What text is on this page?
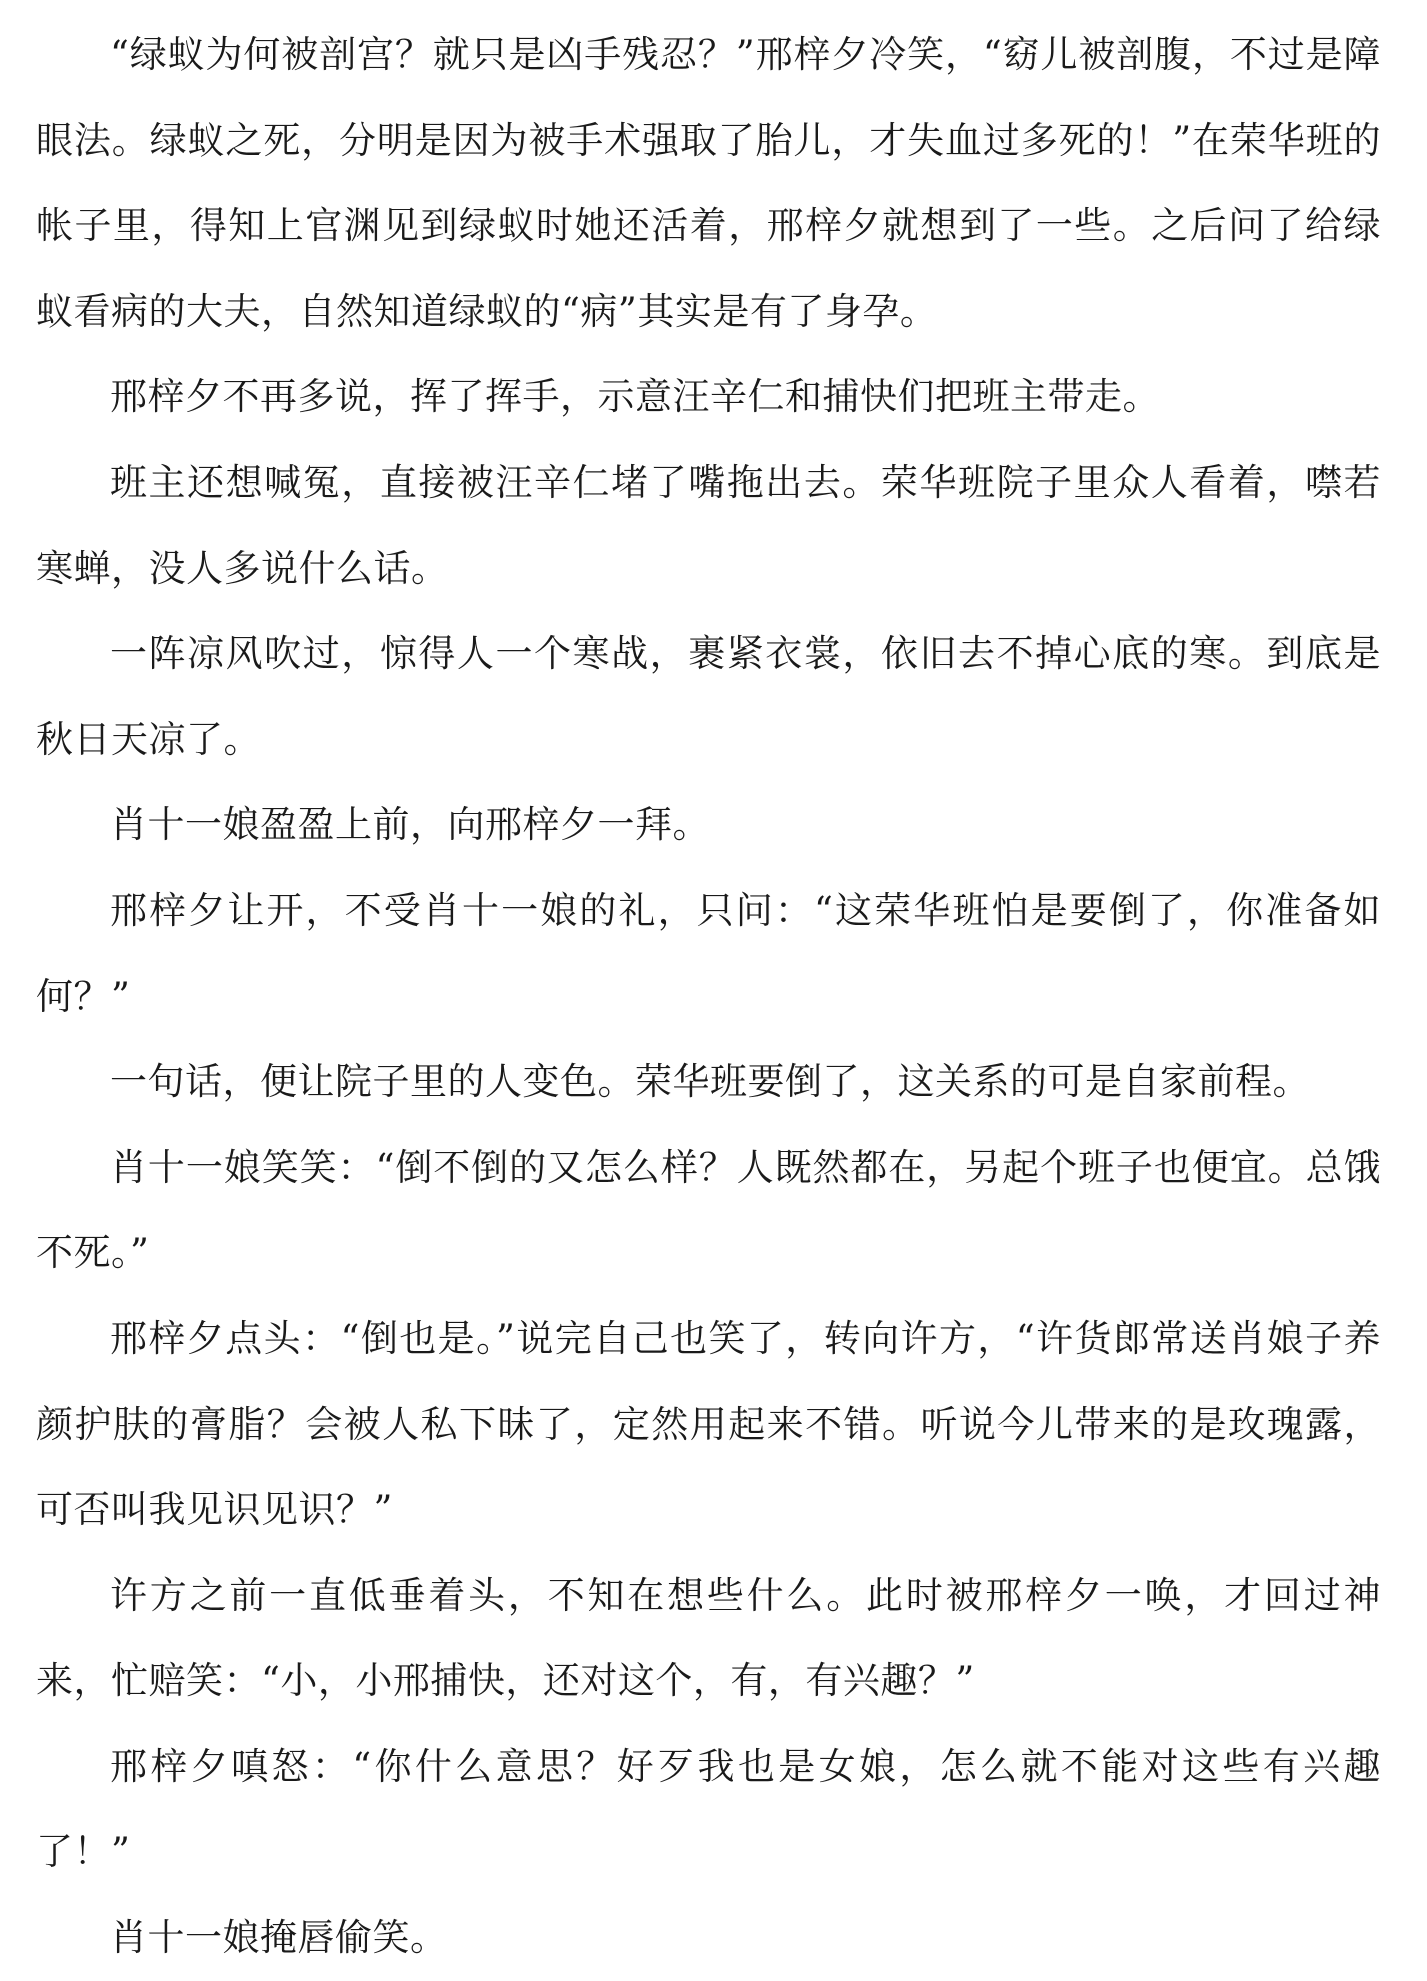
“绿蚁为何被剖宫？就只是凶手残忍？”邢梓夕冷笑，“窈儿被剖腹，不过是障眼法。绿蚁之死，分明是因为被手术强取了胎儿，才失血过多死的！”在荣华班的帐子里，得知上官渊见到绿蚁时她还活着，邢梓夕就想到了一些。之后问了给绿蚁看病的大夫，自然知道绿蚁的“病”其实是有了身孕。

邢梓夕不再多说，挥了挥手，示意汪辛仁和捕快们把班主带走。

班主还想喊冤，直接被汪辛仁堵了嘴拖出去。荣华班院子里众人看着，噤若寒蝉，没人多说什么话。

一阵凉风吹过，惊得人一个寒战，裹紧衣裳，依旧去不掉心底的寒。到底是秋日天凉了。

肖十一娘盈盈上前，向邢梓夕一拜。

邢梓夕让开，不受肖十一娘的礼，只问：“这荣华班怕是要倒了，你准备如何？”

一句话，便让院子里的人变色。荣华班要倒了，这关系的可是自家前程。

肖十一娘笑笑：“倒不倒的又怎么样？人既然都在，另起个班子也便宜。总饿不死。”

邢梓夕点头：“倒也是。”说完自己也笑了，转向许方，“许货郎常送肖娘子养颜护肤的膏脂？会被人私下昧了，定然用起来不错。听说今儿带来的是玫瑰露，可否叫我见识见识？”

许方之前一直低垂着头，不知在想些什么。此时被邢梓夕一唤，才回过神来，忙赔笑：“小，小邢捕快，还对这个，有，有兴趣？”

邢梓夕嗔怒：“你什么意思？好歹我也是女娘，怎么就不能对这些有兴趣了！”

肖十一娘掩唇偷笑。
